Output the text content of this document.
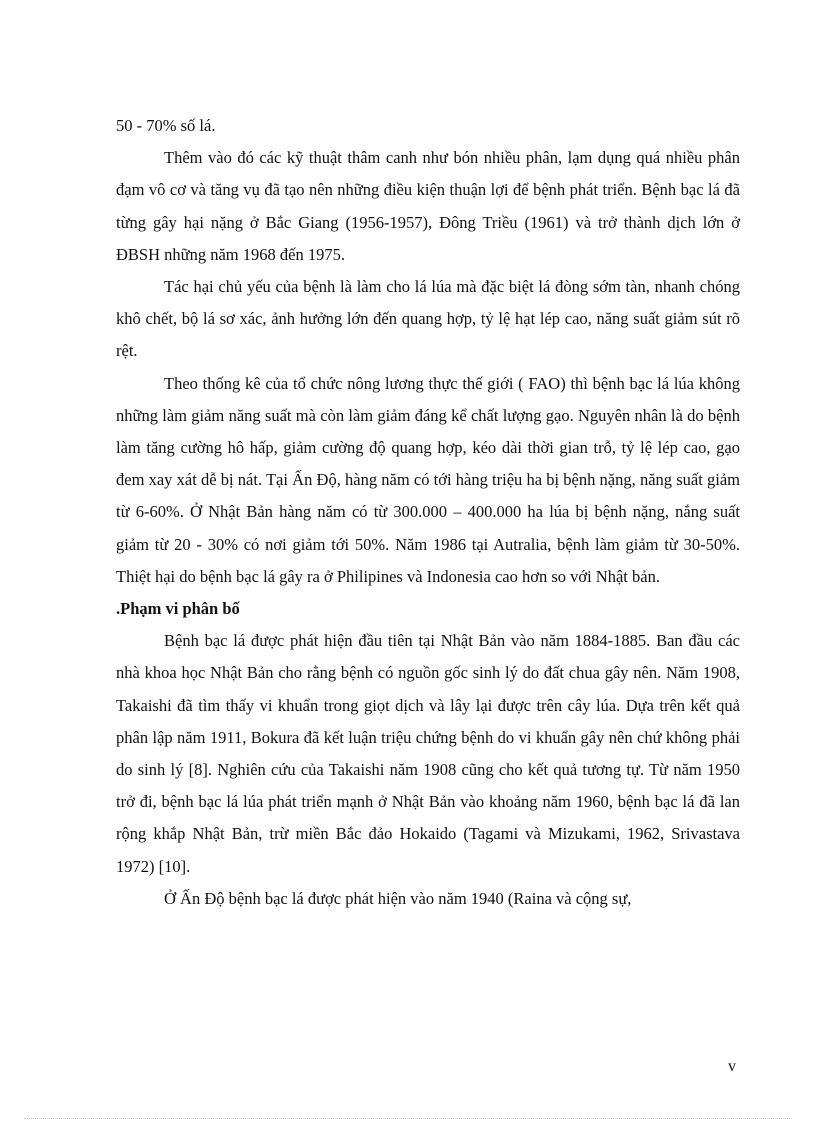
50 - 70% số lá.

Thêm vào đó các kỹ thuật thâm canh như bón nhiều phân, lạm dụng quá nhiều phân đạm vô cơ và tăng vụ đã tạo nên những điều kiện thuận lợi để bệnh phát triển. Bệnh bạc lá đã từng gây hại nặng ở Bắc Giang (1956-1957), Đông Triều (1961) và trở thành dịch lớn ở ĐBSH những năm 1968 đến 1975.

Tác hại chủ yếu của bệnh là làm cho lá lúa mà đặc biệt lá đòng sớm tàn, nhanh chóng khô chết, bộ lá sơ xác, ảnh hưởng lớn đến quang hợp, tỷ lệ hạt lép cao, năng suất giảm sút rõ rệt.

Theo thống kê của tổ chức nông lương thực thế giới ( FAO) thì bệnh bạc lá lúa không những làm giảm năng suất mà còn làm giảm đáng kể chất lượng gạo. Nguyên nhân là do bệnh làm tăng cường hô hấp, giảm cường độ quang hợp, kéo dài thời gian trỗ, tỷ lệ lép cao, gạo đem xay xát dễ bị nát. Tại Ấn Độ, hàng năm có tới hàng triệu ha bị bệnh nặng, năng suất giảm từ 6-60%. Ở Nhật Bản hàng năm có từ 300.000 – 400.000 ha lúa bị bệnh nặng, nắng suất giảm từ 20 - 30% có nơi giảm tới 50%. Năm 1986 tại Autralia, bệnh làm giảm từ 30-50%. Thiệt hại do bệnh bạc lá gây ra ở Philipines và Indonesia cao hơn so với Nhật bản.

.Phạm vi phân bố

Bệnh bạc lá được phát hiện đầu tiên tại Nhật Bản vào năm 1884-1885. Ban đầu các nhà khoa học Nhật Bản cho rằng bệnh có nguồn gốc sinh lý do đất chua gây nên. Năm 1908, Takaishi đã tìm thấy vi khuẩn trong giọt dịch và lây lại được trên cây lúa. Dựa trên kết quả phân lập năm 1911, Bokura đã kết luận triệu chứng bệnh do vi khuẩn gây nên chứ không phải do sinh lý [8]. Nghiên cứu của Takaishi năm 1908 cũng cho kết quả tương tự. Từ năm 1950 trở đi, bệnh bạc lá lúa phát triển mạnh ở Nhật Bản vào khoảng năm 1960, bệnh bạc lá đã lan rộng khắp Nhật Bản, trừ miền Bắc đảo Hokaido (Tagami và Mizukami, 1962, Srivastava 1972) [10].

Ở Ấn Độ bệnh bạc lá được phát hiện vào năm 1940 (Raina và cộng sự,

v
